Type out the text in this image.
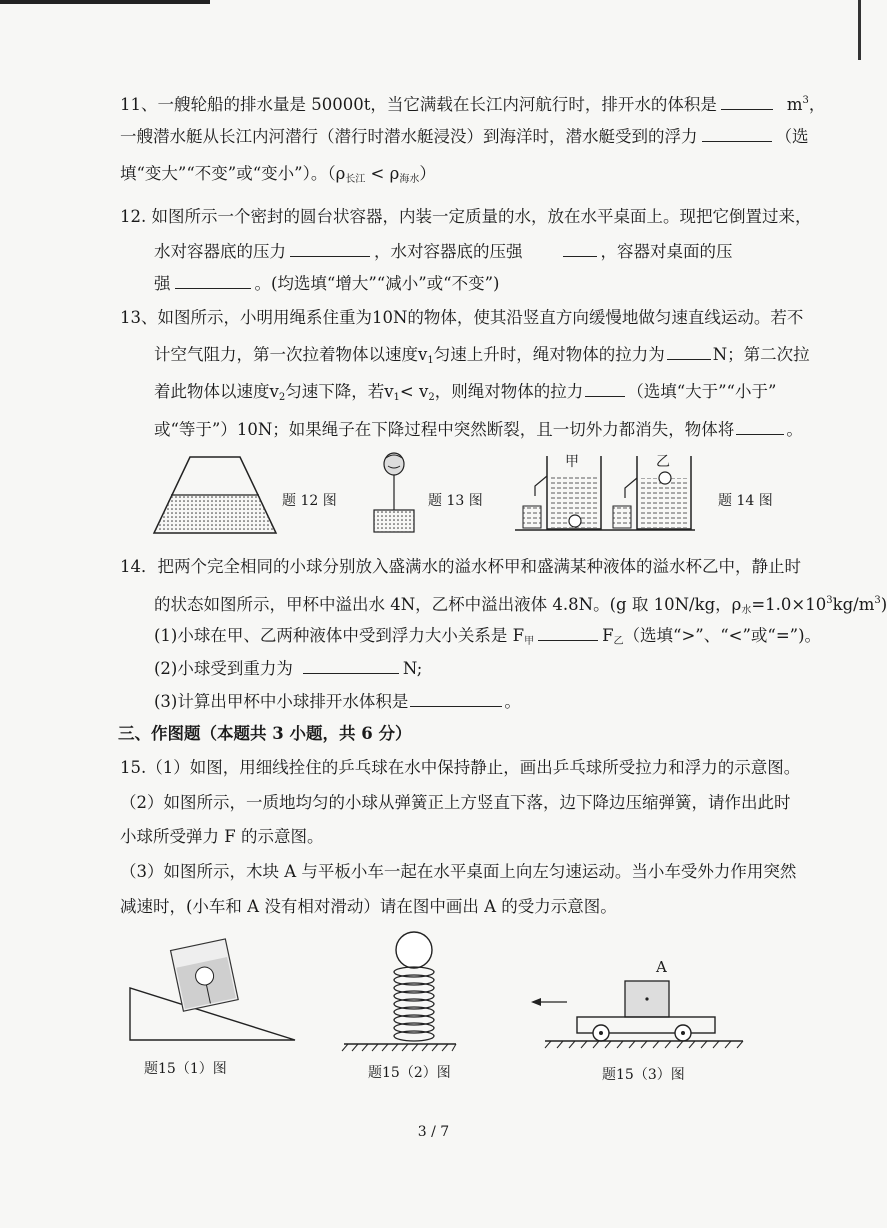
11、一艘轮船的排水量是 50000t，当它满载在长江内河航行时，排开水的体积是	$m^3$，
一艘潜水艇从长江内河潜行（潜行时潜水艇浸没）到海洋时，潜水艇受到的浮力	（选
填“变大”“不变”或“变小”）。$(\rho_{长江} < \rho_{海水})$
12. 如图所示一个密封的圆台状容器，内装一定质量的水，放在水平桌面上。现把它倒置过来，
水对容器底的压力	，水对容器底的压强	，容器对桌面的压
强	。(均选填“增大”“减小”或“不变”)
13、如图所示，小明用绳系住重为10N的物体，使其沿竖直方向缓慢地做匀速直线运动。若不
计空气阻力，第一次拉着物体以速度$v_1$匀速上升时，绳对物体的拉力为	N；第二次拉
着此物体以速度$v_2$匀速下降，若$v_1< v_2$，则绳对物体的拉力	（选填“大于”“小于”
或“等于”）10N；如果绳子在下降过程中突然断裂，且一切外力都消失，物体将	。
题 12 图	题 13 图
甲	乙
题 14 图
14．把两个完全相同的小球分别放入盛满水的溢水杯甲和盛满某种液体的溢水杯乙中，静止时
的状态如图所示，甲杯中溢出水 4N，乙杯中溢出液体 4.8N。(g 取 10N/kg，$\rho_水=1.0\times 10^3kg/m^3$)
(1)小球在甲、乙两种液体中受到浮力大小关系是 $F_甲$	$F_乙$（选填“>”、“<”或“=”)。
(2)小球受到重力为	N;
(3)计算出甲杯中小球排开水体积是	。
三、作图题（本题共 3 小题，共 6 分）
15.（1）如图，用细线拴住的乒乓球在水中保持静止，画出乒乓球所受拉力和浮力的示意图。
（2）如图所示，一质地均匀的小球从弹簧正上方竖直下落，边下降边压缩弹簧，请作出此时
小球所受弹力 F 的示意图。
（3）如图所示，木块 A 与平板小车一起在水平桌面上向左匀速运动。当小车受外力作用突然
减速时，(小车和 A 没有相对滑动）请在图中画出 A 的受力示意图。
题15（1）图	题15（2）图
A
题15（3）图
3 / 7
